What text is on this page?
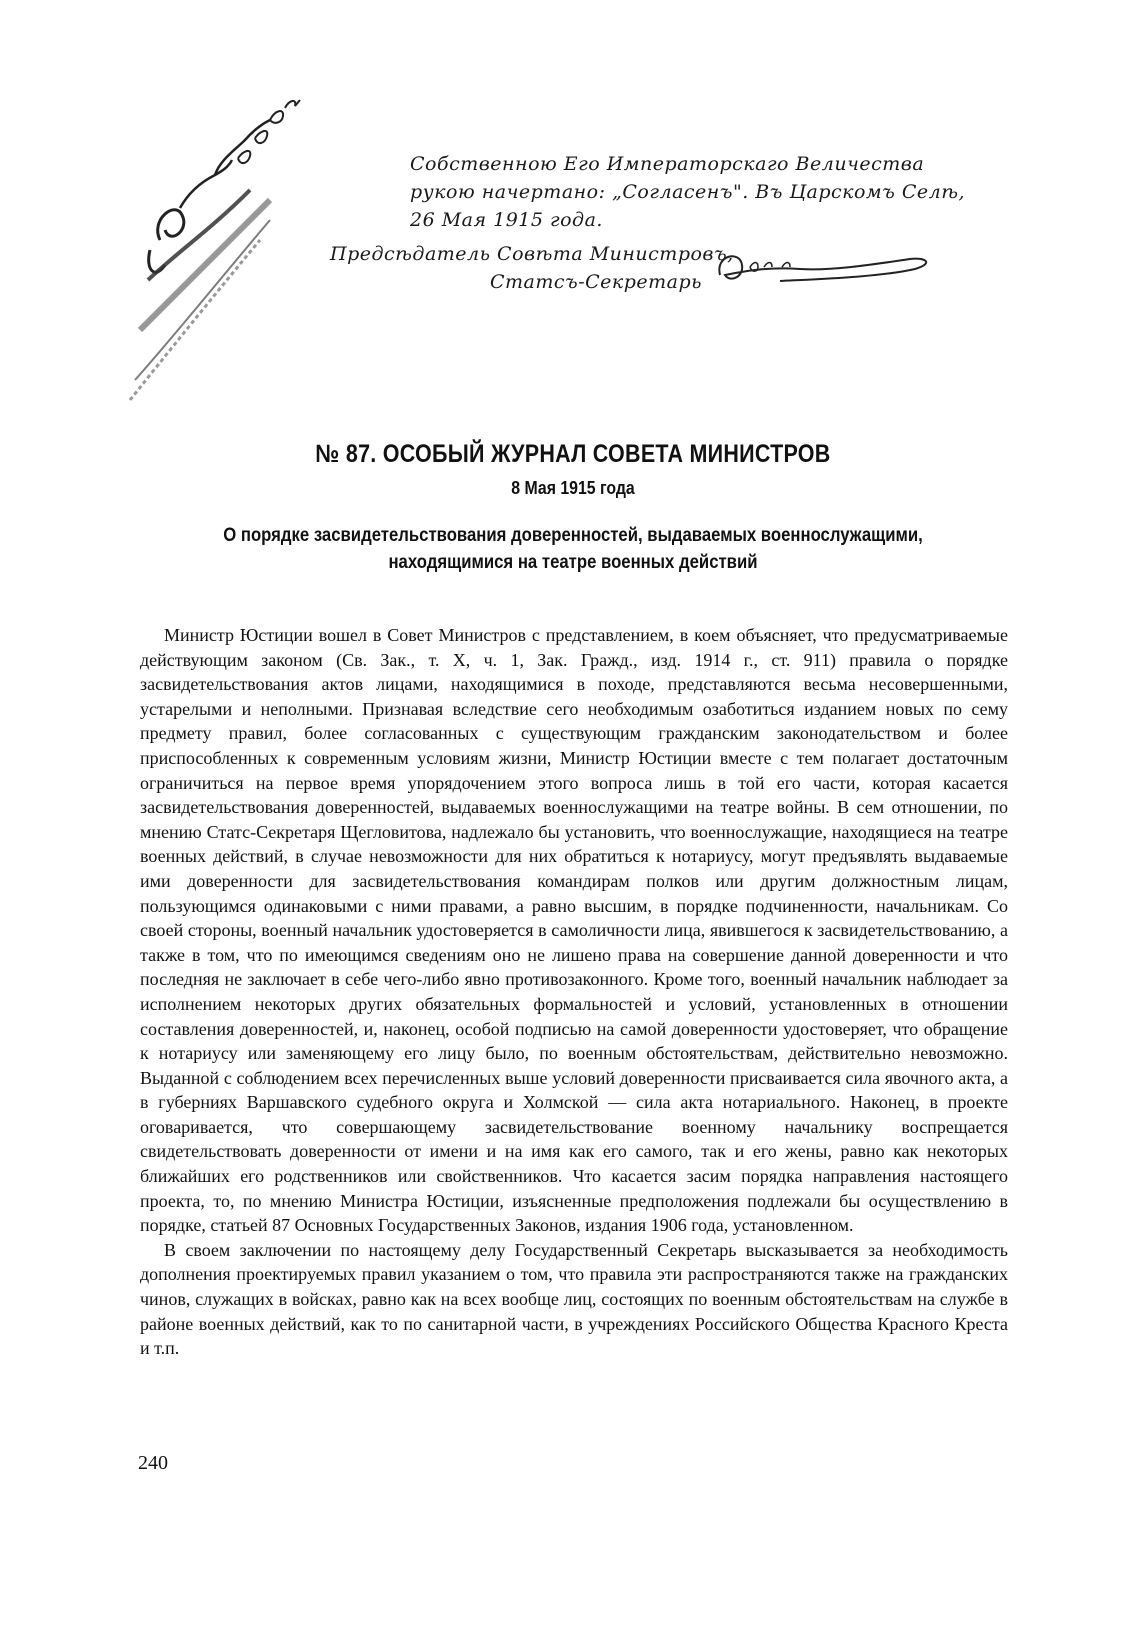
Собственною Его Императорскаго Величества
рукою начертано: „Согласенъ". Въ Царскомъ Селѣ,
26 Мая 1915 года.
Предсѣдатель Совѣта Министровъ,
Статсъ-Секретарь
№ 87. ОСОБЫЙ ЖУРНАЛ СОВЕТА МИНИСТРОВ
8 Мая 1915 года
О порядке засвидетельствования доверенностей, выдаваемых военнослужащими, находящимися на театре военных действий

Министр Юстиции вошел в Совет Министров с представлением, в коем объясняет, что предусматриваемые действующим законом (Св. Зак., т. X, ч. 1, Зак. Гражд., изд. 1914 г., ст. 911) правила о порядке засвидетельствования актов лицами, находящимися в походе, представляются весьма несовершенными, устарелыми и неполными. Признавая вследствие сего необходимым озаботиться изданием новых по сему предмету правил, более согласованных с существующим гражданским законодательством и более приспособленных к современным условиям жизни, Министр Юстиции вместе с тем полагает достаточным ограничиться на первое время упорядочением этого вопроса лишь в той его части, которая касается засвидетельствования доверенностей, выдаваемых военнослужащими на театре войны. В сем отношении, по мнению Статс-Секретаря Щегловитова, надлежало бы установить, что военнослужащие, находящиеся на театре военных действий, в случае невозможности для них обратиться к нотариусу, могут предъявлять выдаваемые ими доверенности для засвидетельствования командирам полков или другим должностным лицам, пользующимся одинаковыми с ними правами, а равно высшим, в порядке подчиненности, начальникам. Со своей стороны, военный начальник удостоверяется в самоличности лица, явившегося к засвидетельствованию, а также в том, что по имеющимся сведениям оно не лишено права на совершение данной доверенности и что последняя не заключает в себе чего-либо явно противозаконного. Кроме того, военный начальник наблюдает за исполнением некоторых других обязательных формальностей и условий, установленных в отношении составления доверенностей, и, наконец, особой подписью на самой доверенности удостоверяет, что обращение к нотариусу или заменяющему его лицу было, по военным обстоятельствам, действительно невозможно. Выданной с соблюдением всех перечисленных выше условий доверенности присваивается сила явочного акта, а в губерниях Варшавского судебного округа и Холмской — сила акта нотариального. Наконец, в проекте оговаривается, что совершающему засвидетельствование военному начальнику воспрещается свидетельствовать доверенности от имени и на имя как его самого, так и его жены, равно как некоторых ближайших его родственников или свойственников. Что касается засим порядка направления настоящего проекта, то, по мнению Министра Юстиции, изъясненные предположения подлежали бы осуществлению в порядке, статьей 87 Основных Государственных Законов, издания 1906 года, установленном.

В своем заключении по настоящему делу Государственный Секретарь высказывается за необходимость дополнения проектируемых правил указанием о том, что правила эти распространяются также на гражданских чинов, служащих в войсках, равно как на всех вообще лиц, состоящих по военным обстоятельствам на службе в районе военных действий, как то по санитарной части, в учреждениях Российского Общества Красного Креста и т.п.

240
